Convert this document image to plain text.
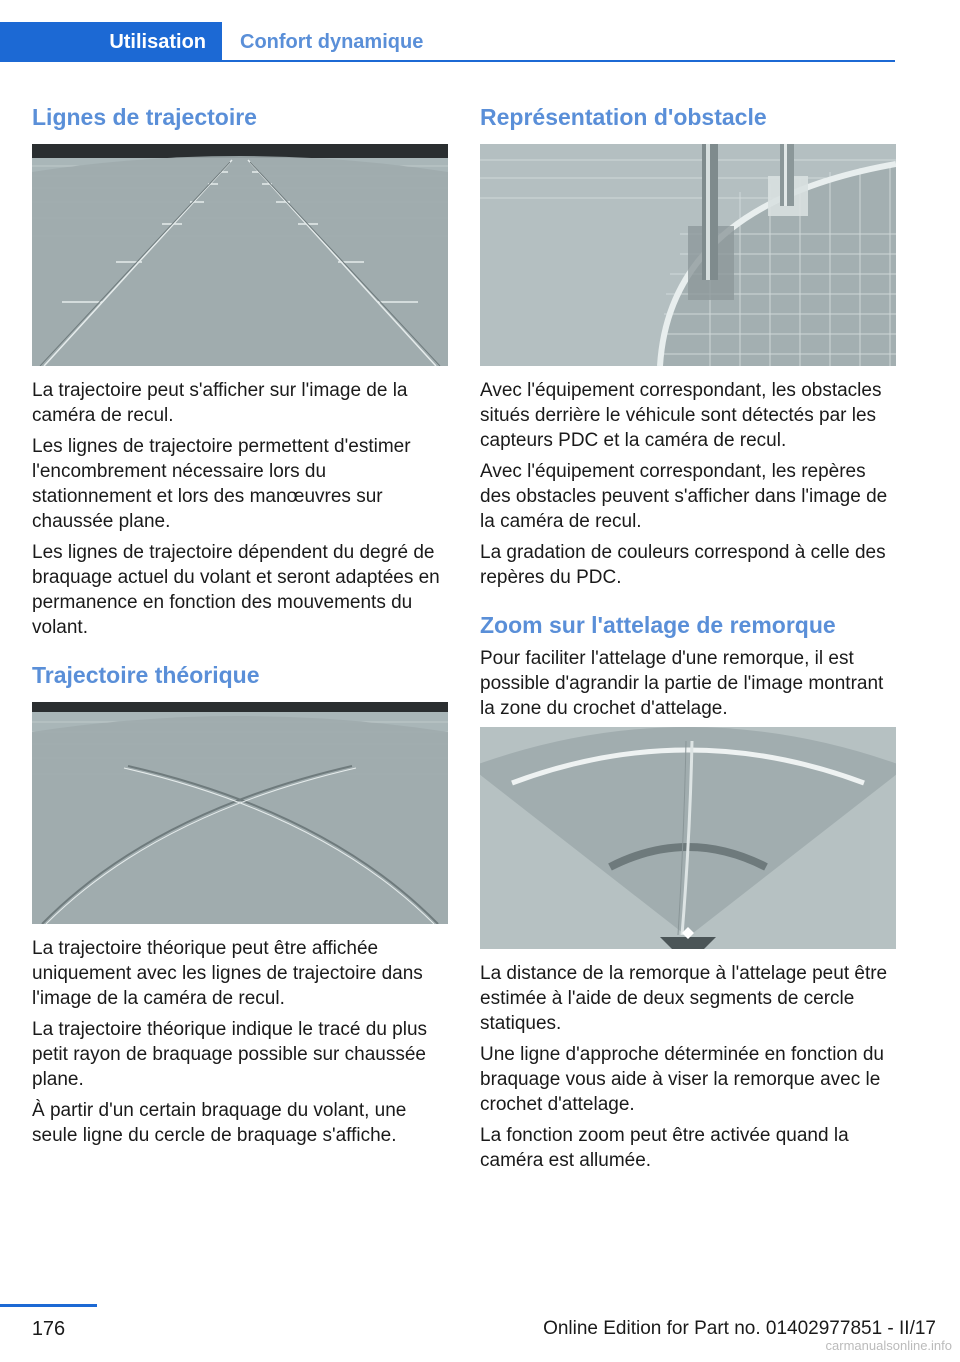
Utilisation	Confort dynamique
Lignes de trajectoire

La trajectoire peut s'afficher sur l'image de la caméra de recul.

Les lignes de trajectoire permettent d'estimer l'encombrement nécessaire lors du stationnement et lors des manœuvres sur chaussée plane.

Les lignes de trajectoire dépendent du degré de braquage actuel du volant et seront adaptées en permanence en fonction des mouvements du volant.

Trajectoire théorique

La trajectoire théorique peut être affichée uniquement avec les lignes de trajectoire dans l'image de la caméra de recul.

La trajectoire théorique indique le tracé du plus petit rayon de braquage possible sur chaussée plane.

À partir d'un certain braquage du volant, une seule ligne du cercle de braquage s'affiche.

Représentation d'obstacle

Avec l'équipement correspondant, les obstacles situés derrière le véhicule sont détectés par les capteurs PDC et la caméra de recul.

Avec l'équipement correspondant, les repères des obstacles peuvent s'afficher dans l'image de la caméra de recul.

La gradation de couleurs correspond à celle des repères du PDC.

Zoom sur l'attelage de remorque

Pour faciliter l'attelage d'une remorque, il est possible d'agrandir la partie de l'image montrant la zone du crochet d'attelage.

La distance de la remorque à l'attelage peut être estimée à l'aide de deux segments de cercle statiques.

Une ligne d'approche déterminée en fonction du braquage vous aide à viser la remorque avec le crochet d'attelage.

La fonction zoom peut être activée quand la caméra est allumée.

176	Online Edition for Part no. 01402977851 - II/17
carmanualsonline.info
